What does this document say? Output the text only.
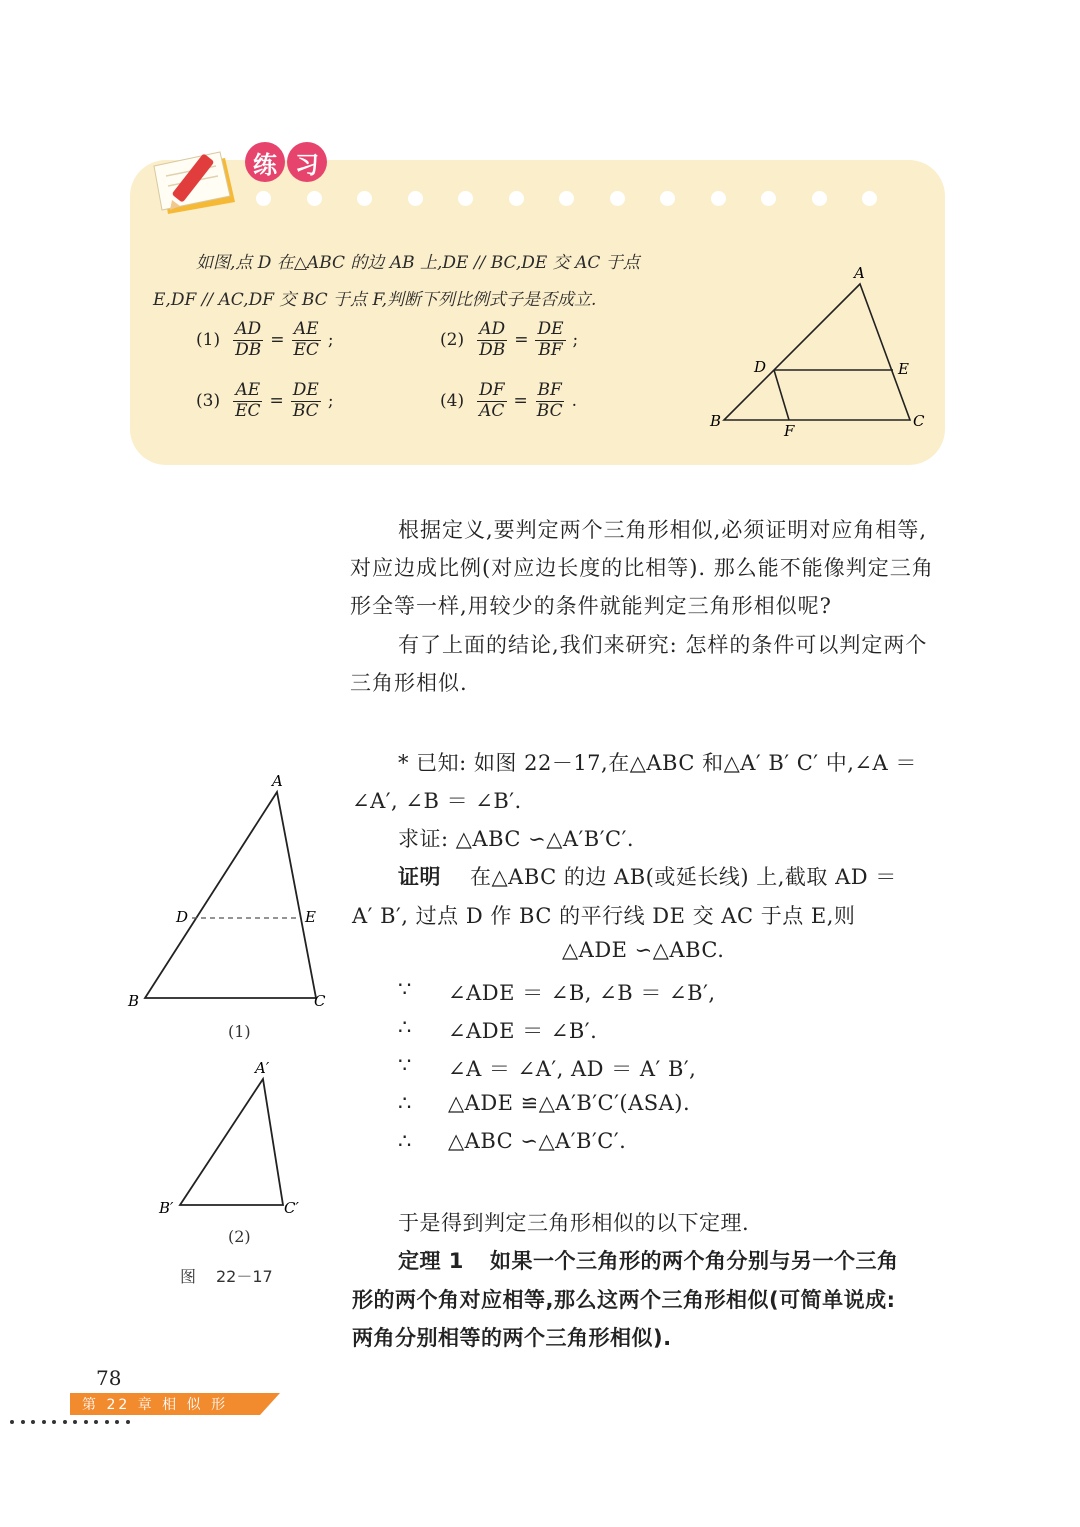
练 习
如图,点 D 在△ABC 的边 AB 上,DE // BC,DE 交 AC 于点
E,DF // AC,DF 交 BC 于点 F,判断下列比例式子是否成立.
$(1) \frac{AD}{DB} = \frac{AE}{EC}$ ;	$(2) \frac{AD}{DB} = \frac{DE}{BF}$ ;
$(3) \frac{AE}{EC} = \frac{DE}{BC}$ ;	$(4) \frac{DF}{AC} = \frac{BF}{BC}$ .
A
D	E
B
F
C
根据定义,要判定两个三角形相似,必须证明对应角相等,对应边成比例(对应边长度的比相等). 那么能不能像判定三角形全等一样,用较少的条件就能判定三角形相似呢?
有了上面的结论,我们来研究: 怎样的条件可以判定两个三角形相似.
* 已知: 如图 22－17,在△ABC 和△A′ B′ C′ 中,∠A ＝
∠A′, ∠B ＝ ∠B′.
求证: △ABC ∽△A′B′C′.
证明 在△ABC 的边 AB(或延长线) 上,截取 AD ＝
A′ B′, 过点 D 作 BC 的平行线 DE 交 AC 于点 E,则
△ADE ∽△ABC.
∵ ∠ADE ＝ ∠B, ∠B ＝ ∠B′,
∴ ∠ADE ＝ ∠B′.
∵ ∠A ＝ ∠A′, AD ＝ A′ B′,
∴ △ADE ≌△A′B′C′(ASA).
∴ △ABC ∽△A′B′C′.
于是得到判定三角形相似的以下定理.
定理 1 如果一个三角形的两个角分别与另一个三角
形的两个角对应相等,那么这两个三角形相似(可简单说成:
两角分别相等的两个三角形相似).
A
D	E
B	C
(1)
A′
B′	C′
(2)
图 22－17
78
第 22 章 相 似 形
